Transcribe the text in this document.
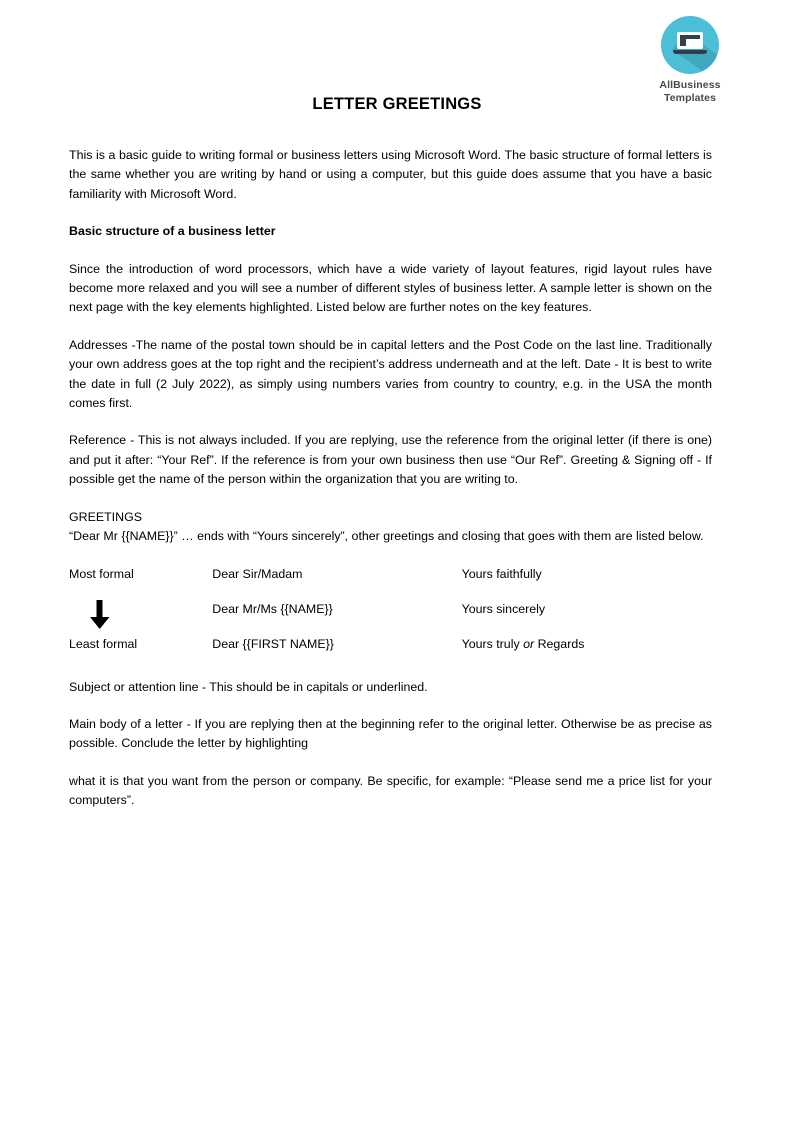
AllBusiness
Templates
LETTER GREETINGS

This is a basic guide to writing formal or business letters using Microsoft Word. The basic structure of formal letters is the same whether you are writing by hand or using a computer, but this guide does assume that you have a basic familiarity with Microsoft Word.

Basic structure of a business letter

Since the introduction of word processors, which have a wide variety of layout features, rigid layout rules have become more relaxed and you will see a number of different styles of business letter. A sample letter is shown on the next page with the key elements highlighted. Listed below are further notes on the key features.

Addresses -The name of the postal town should be in capital letters and the Post Code on the last line. Traditionally your own address goes at the top right and the recipient’s address underneath and at the left. Date - It is best to write the date in full (2 July 2022), as simply using numbers varies from country to country, e.g. in the USA the month comes first.

Reference - This is not always included. If you are replying, use the reference from the original letter (if there is one) and put it after: “Your Ref”. If the reference is from your own business then use “Our Ref”. Greeting & Signing off - If possible get the name of the person within the organization that you are writing to.

GREETINGS

“Dear Mr {{NAME}}” … ends with “Yours sincerely”, other greetings and closing that goes with them are listed below.

Most formal	Dear Sir/Madam	Yours faithfully

	Dear Mr/Ms {{NAME}}	Yours sincerely
Least formal	Dear {{FIRST NAME}}	Yours truly or Regards

Subject or attention line - This should be in capitals or underlined.

Main body of a letter - If you are replying then at the beginning refer to the original letter. Otherwise be as precise as possible. Conclude the letter by highlighting

what it is that you want from the person or company. Be specific, for example: “Please send me a price list for your computers”.
